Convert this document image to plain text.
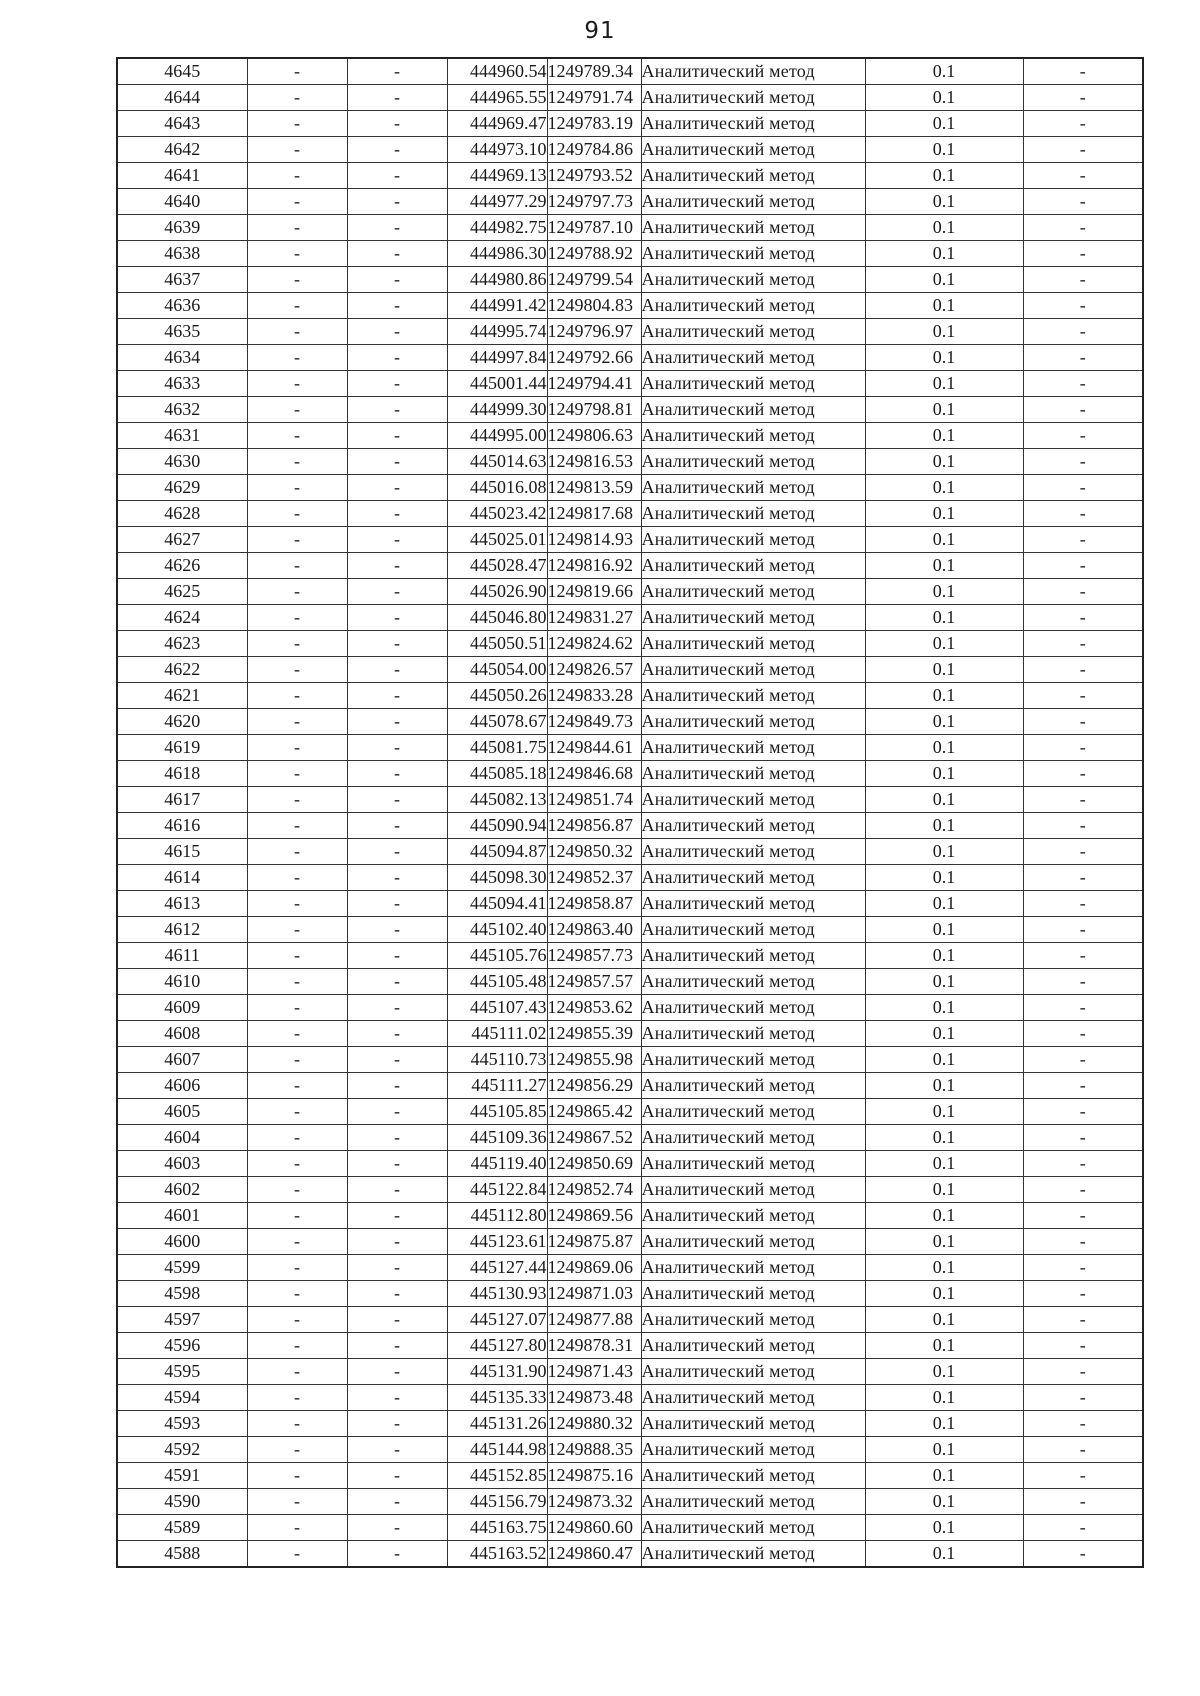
91
4645	-	-	444960.54	1249789.34	Аналитический метод	0.1	-
4644	-	-	444965.55	1249791.74	Аналитический метод	0.1	-
4643	-	-	444969.47	1249783.19	Аналитический метод	0.1	-
4642	-	-	444973.10	1249784.86	Аналитический метод	0.1	-
4641	-	-	444969.13	1249793.52	Аналитический метод	0.1	-
4640	-	-	444977.29	1249797.73	Аналитический метод	0.1	-
4639	-	-	444982.75	1249787.10	Аналитический метод	0.1	-
4638	-	-	444986.30	1249788.92	Аналитический метод	0.1	-
4637	-	-	444980.86	1249799.54	Аналитический метод	0.1	-
4636	-	-	444991.42	1249804.83	Аналитический метод	0.1	-
4635	-	-	444995.74	1249796.97	Аналитический метод	0.1	-
4634	-	-	444997.84	1249792.66	Аналитический метод	0.1	-
4633	-	-	445001.44	1249794.41	Аналитический метод	0.1	-
4632	-	-	444999.30	1249798.81	Аналитический метод	0.1	-
4631	-	-	444995.00	1249806.63	Аналитический метод	0.1	-
4630	-	-	445014.63	1249816.53	Аналитический метод	0.1	-
4629	-	-	445016.08	1249813.59	Аналитический метод	0.1	-
4628	-	-	445023.42	1249817.68	Аналитический метод	0.1	-
4627	-	-	445025.01	1249814.93	Аналитический метод	0.1	-
4626	-	-	445028.47	1249816.92	Аналитический метод	0.1	-
4625	-	-	445026.90	1249819.66	Аналитический метод	0.1	-
4624	-	-	445046.80	1249831.27	Аналитический метод	0.1	-
4623	-	-	445050.51	1249824.62	Аналитический метод	0.1	-
4622	-	-	445054.00	1249826.57	Аналитический метод	0.1	-
4621	-	-	445050.26	1249833.28	Аналитический метод	0.1	-
4620	-	-	445078.67	1249849.73	Аналитический метод	0.1	-
4619	-	-	445081.75	1249844.61	Аналитический метод	0.1	-
4618	-	-	445085.18	1249846.68	Аналитический метод	0.1	-
4617	-	-	445082.13	1249851.74	Аналитический метод	0.1	-
4616	-	-	445090.94	1249856.87	Аналитический метод	0.1	-
4615	-	-	445094.87	1249850.32	Аналитический метод	0.1	-
4614	-	-	445098.30	1249852.37	Аналитический метод	0.1	-
4613	-	-	445094.41	1249858.87	Аналитический метод	0.1	-
4612	-	-	445102.40	1249863.40	Аналитический метод	0.1	-
4611	-	-	445105.76	1249857.73	Аналитический метод	0.1	-
4610	-	-	445105.48	1249857.57	Аналитический метод	0.1	-
4609	-	-	445107.43	1249853.62	Аналитический метод	0.1	-
4608	-	-	445111.02	1249855.39	Аналитический метод	0.1	-
4607	-	-	445110.73	1249855.98	Аналитический метод	0.1	-
4606	-	-	445111.27	1249856.29	Аналитический метод	0.1	-
4605	-	-	445105.85	1249865.42	Аналитический метод	0.1	-
4604	-	-	445109.36	1249867.52	Аналитический метод	0.1	-
4603	-	-	445119.40	1249850.69	Аналитический метод	0.1	-
4602	-	-	445122.84	1249852.74	Аналитический метод	0.1	-
4601	-	-	445112.80	1249869.56	Аналитический метод	0.1	-
4600	-	-	445123.61	1249875.87	Аналитический метод	0.1	-
4599	-	-	445127.44	1249869.06	Аналитический метод	0.1	-
4598	-	-	445130.93	1249871.03	Аналитический метод	0.1	-
4597	-	-	445127.07	1249877.88	Аналитический метод	0.1	-
4596	-	-	445127.80	1249878.31	Аналитический метод	0.1	-
4595	-	-	445131.90	1249871.43	Аналитический метод	0.1	-
4594	-	-	445135.33	1249873.48	Аналитический метод	0.1	-
4593	-	-	445131.26	1249880.32	Аналитический метод	0.1	-
4592	-	-	445144.98	1249888.35	Аналитический метод	0.1	-
4591	-	-	445152.85	1249875.16	Аналитический метод	0.1	-
4590	-	-	445156.79	1249873.32	Аналитический метод	0.1	-
4589	-	-	445163.75	1249860.60	Аналитический метод	0.1	-
4588	-	-	445163.52	1249860.47	Аналитический метод	0.1	-
